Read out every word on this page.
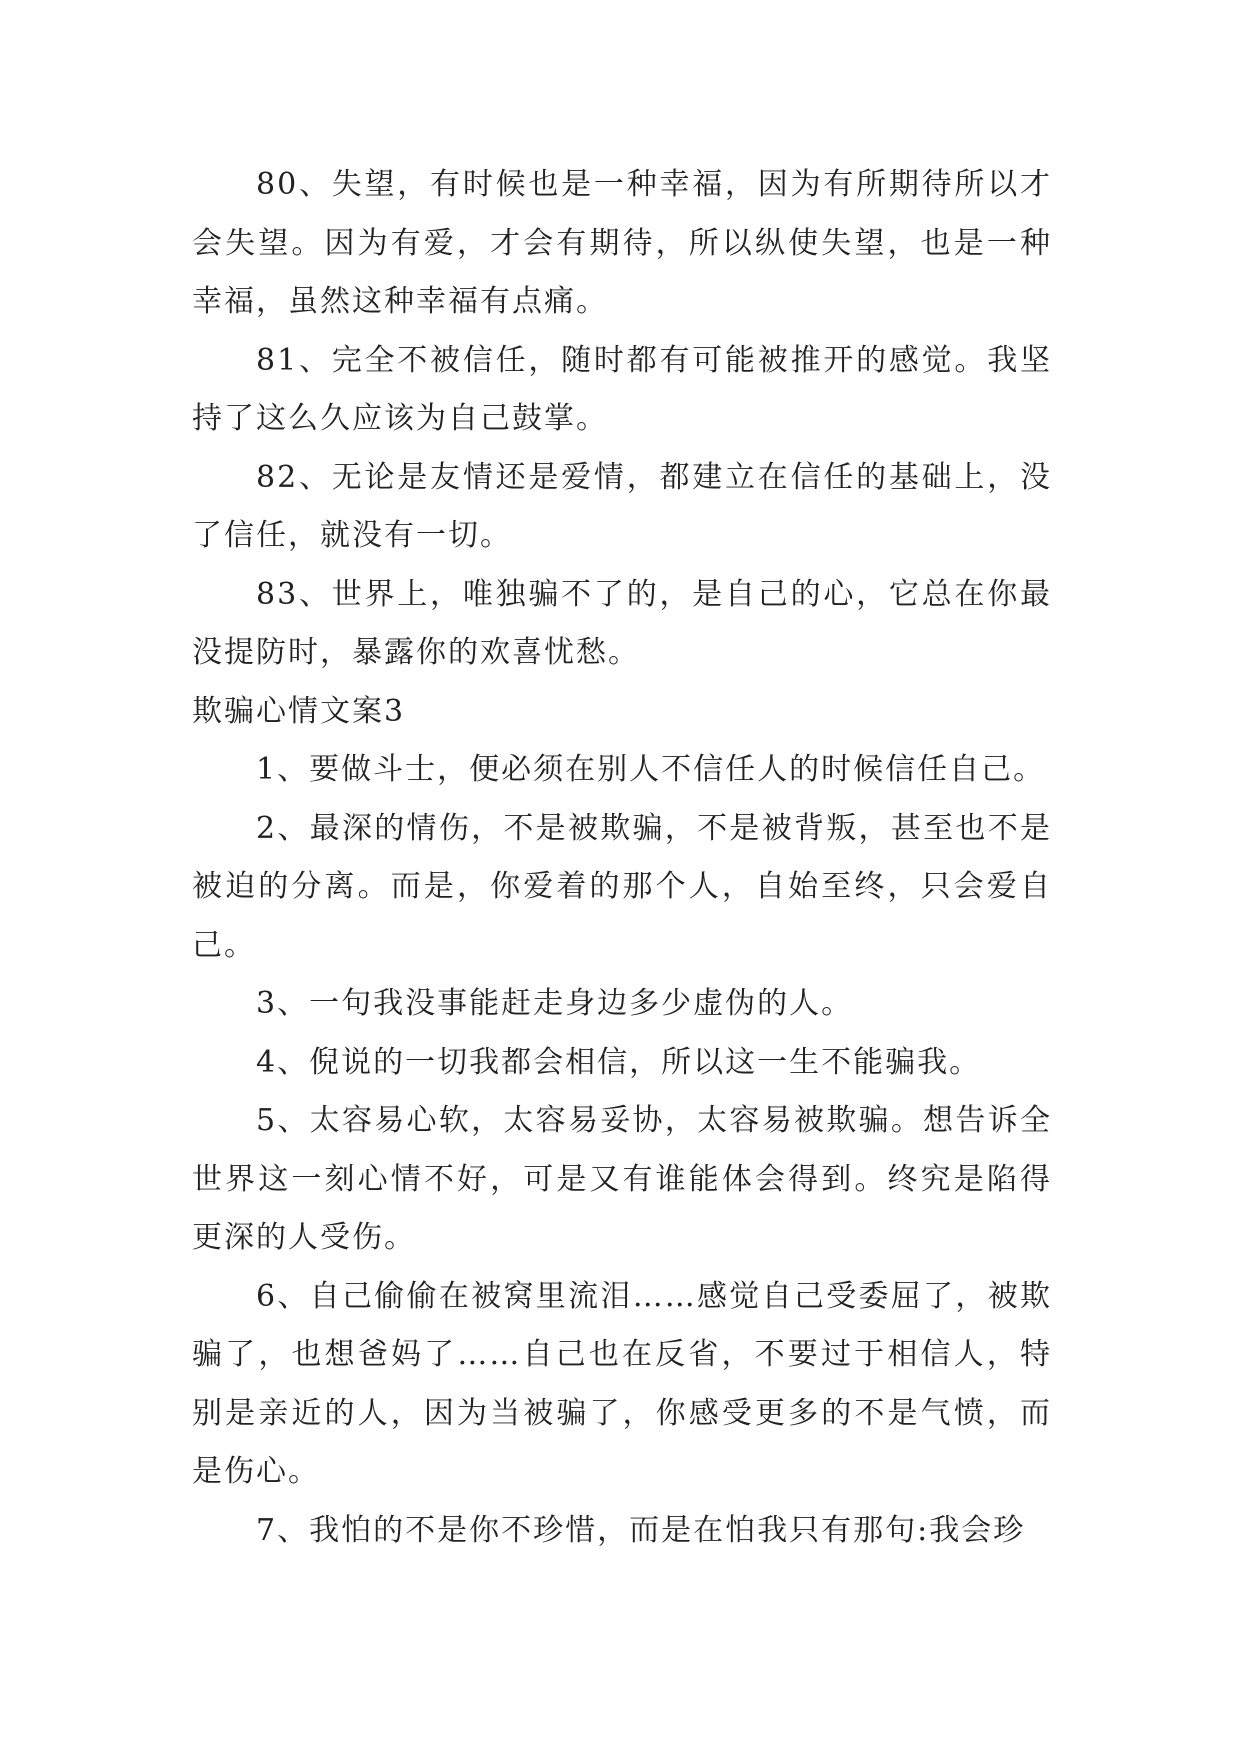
80、失望，有时候也是一种幸福，因为有所期待所以才会失望。因为有爱，才会有期待，所以纵使失望，也是一种幸福，虽然这种幸福有点痛。

81、完全不被信任，随时都有可能被推开的感觉。我坚持了这么久应该为自己鼓掌。

82、无论是友情还是爱情，都建立在信任的基础上，没了信任，就没有一切。

83、世界上，唯独骗不了的，是自己的心，它总在你最没提防时，暴露你的欢喜忧愁。

欺骗心情文案3

1、要做斗士，便必须在别人不信任人的时候信任自己。

2、最深的情伤，不是被欺骗，不是被背叛，甚至也不是被迫的分离。而是，你爱着的那个人，自始至终，只会爱自己。

3、一句我没事能赶走身边多少虚伪的人。

4、倪说的一切我都会相信，所以这一生不能骗我。

5、太容易心软，太容易妥协，太容易被欺骗。想告诉全世界这一刻心情不好，可是又有谁能体会得到。终究是陷得更深的人受伤。

6、自己偷偷在被窝里流泪……感觉自己受委屈了，被欺骗了，也想爸妈了……自己也在反省，不要过于相信人，特别是亲近的人，因为当被骗了，你感受更多的不是气愤，而是伤心。

7、我怕的不是你不珍惜，而是在怕我只有那句:我会珍
